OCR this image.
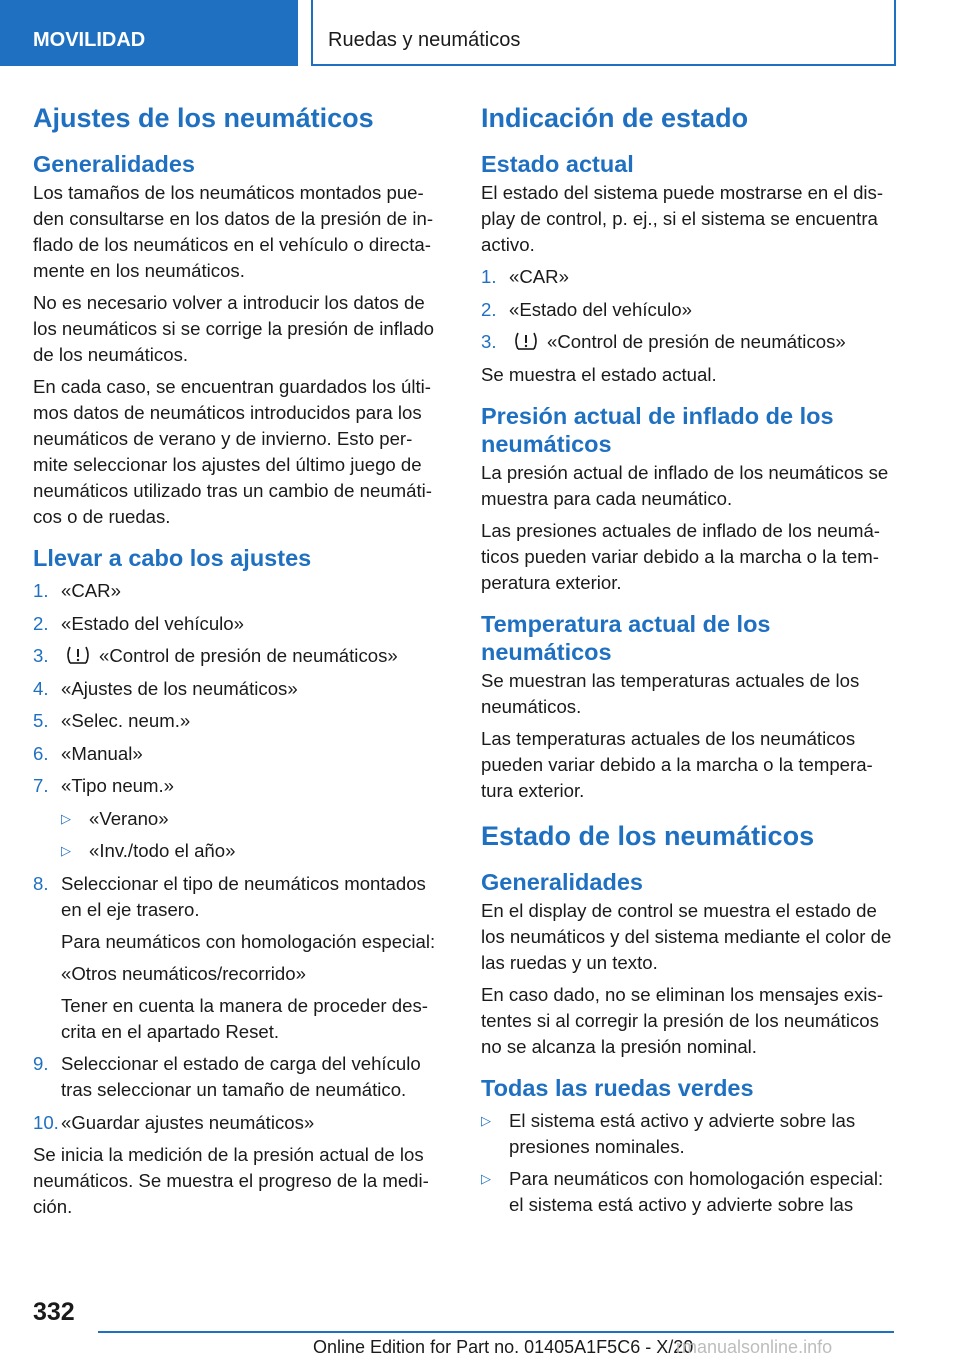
MOVILIDAD	Ruedas y neumáticos
Ajustes de los neumáticos
Generalidades

Los tamaños de los neumáticos montados pue- den consultarse en los datos de la presión de in- flado de los neumáticos en el vehículo o directa- mente en los neumáticos.

No es necesario volver a introducir los datos de los neumáticos si se corrige la presión de inflado de los neumáticos.

En cada caso, se encuentran guardados los últi- mos datos de neumáticos introducidos para los neumáticos de verano y de invierno. Esto per- mite seleccionar los ajustes del último juego de neumáticos utilizado tras un cambio de neumáti- cos o de ruedas.

Llevar a cabo los ajustes
1. «CAR»
2. «Estado del vehículo»
3.	«Control de presión de neumáticos»
4. «Ajustes de los neumáticos»
5. «Selec. neum.»
6. «Manual»
7. «Tipo neum.»
▷ «Verano»
▷ «Inv./todo el año»
8. Seleccionar el tipo de neumáticos montados en el eje trasero.
Para neumáticos con homologación especial:
«Otros neumáticos/recorrido»
Tener en cuenta la manera de proceder des- crita en el apartado Reset.
9. Seleccionar el estado de carga del vehículo tras seleccionar un tamaño de neumático.
10. «Guardar ajustes neumáticos»

Se inicia la medición de la presión actual de los neumáticos. Se muestra el progreso de la medi- ción.

Indicación de estado
Estado actual

El estado del sistema puede mostrarse en el dis- play de control, p. ej., si el sistema se encuentra activo.

1. «CAR»
2. «Estado del vehículo»
3.	«Control de presión de neumáticos»

Se muestra el estado actual.

Presión actual de inflado de los neumáticos

La presión actual de inflado de los neumáticos se muestra para cada neumático.

Las presiones actuales de inflado de los neumá- ticos pueden variar debido a la marcha o la tem- peratura exterior.

Temperatura actual de los neumáticos

Se muestran las temperaturas actuales de los neumáticos.

Las temperaturas actuales de los neumáticos pueden variar debido a la marcha o la tempera- tura exterior.

Estado de los neumáticos
Generalidades

En el display de control se muestra el estado de los neumáticos y del sistema mediante el color de las ruedas y un texto.

En caso dado, no se eliminan los mensajes exis- tentes si al corregir la presión de los neumáticos no se alcanza la presión nominal.

Todas las ruedas verdes
▷ El sistema está activo y advierte sobre las presiones nominales.
▷ Para neumáticos con homologación especial: el sistema está activo y advierte sobre las
332
Online Edition for Part no. 01405A1F5C6 - X/20
rmanualsonline.info
